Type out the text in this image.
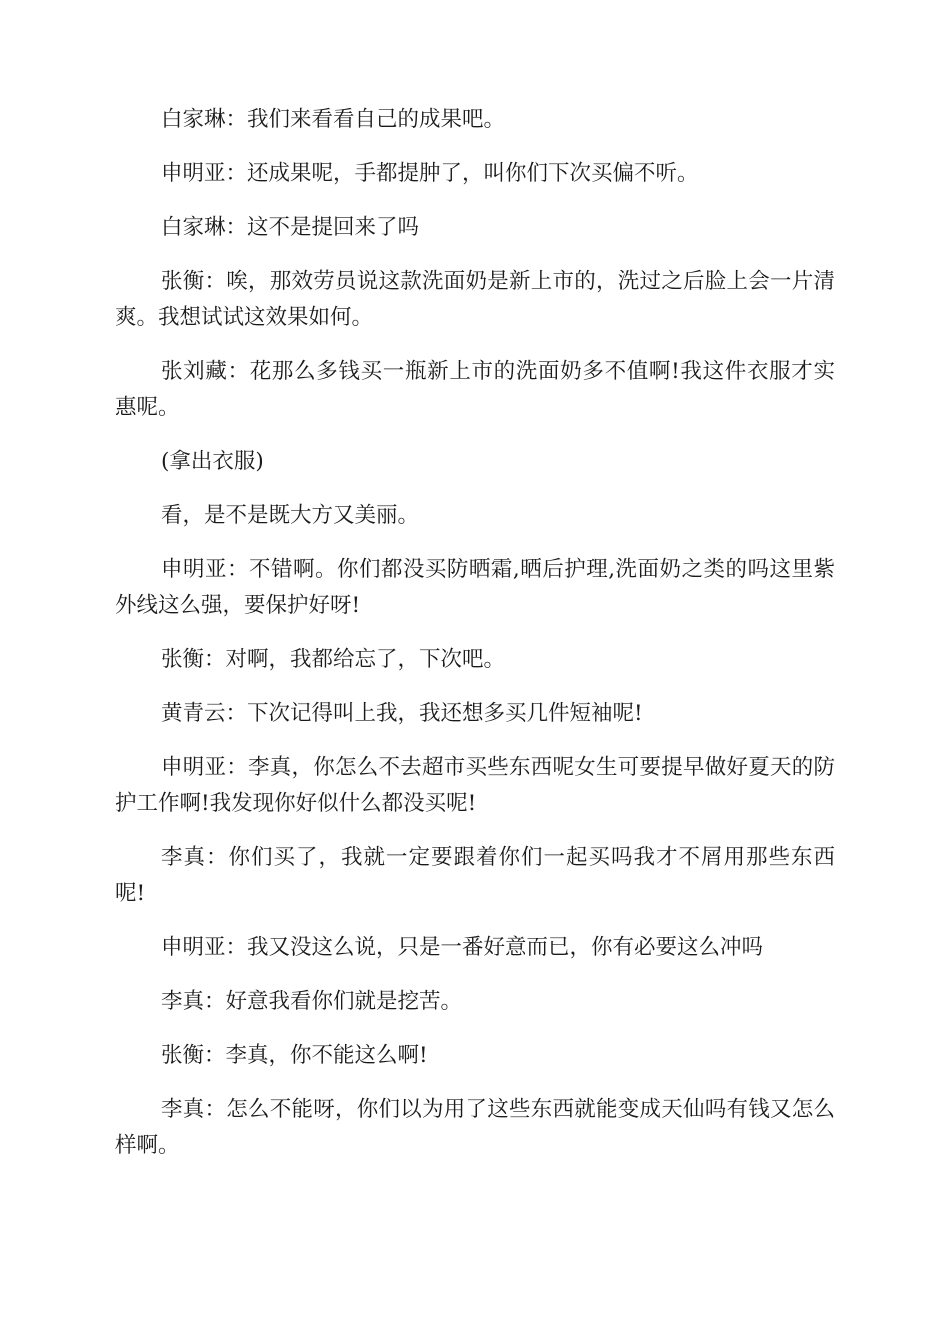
白家琳：我们来看看自己的成果吧。

申明亚：还成果呢，手都提肿了，叫你们下次买偏不听。

白家琳：这不是提回来了吗

张衡：唉，那效劳员说这款洗面奶是新上市的，洗过之后脸上会一片清爽。我想试试这效果如何。

张刘藏：花那么多钱买一瓶新上市的洗面奶多不值啊!我这件衣服才实惠呢。

(拿出衣服)

看，是不是既大方又美丽。

申明亚：不错啊。你们都没买防晒霜,晒后护理,洗面奶之类的吗这里紫外线这么强，要保护好呀!

张衡：对啊，我都给忘了，下次吧。

黄青云：下次记得叫上我，我还想多买几件短袖呢!

申明亚：李真，你怎么不去超市买些东西呢女生可要提早做好夏天的防护工作啊!我发现你好似什么都没买呢!

李真：你们买了，我就一定要跟着你们一起买吗我才不屑用那些东西呢!

申明亚：我又没这么说，只是一番好意而已，你有必要这么冲吗

李真：好意我看你们就是挖苦。

张衡：李真，你不能这么啊!

李真：怎么不能呀，你们以为用了这些东西就能变成天仙吗有钱又怎么样啊。
